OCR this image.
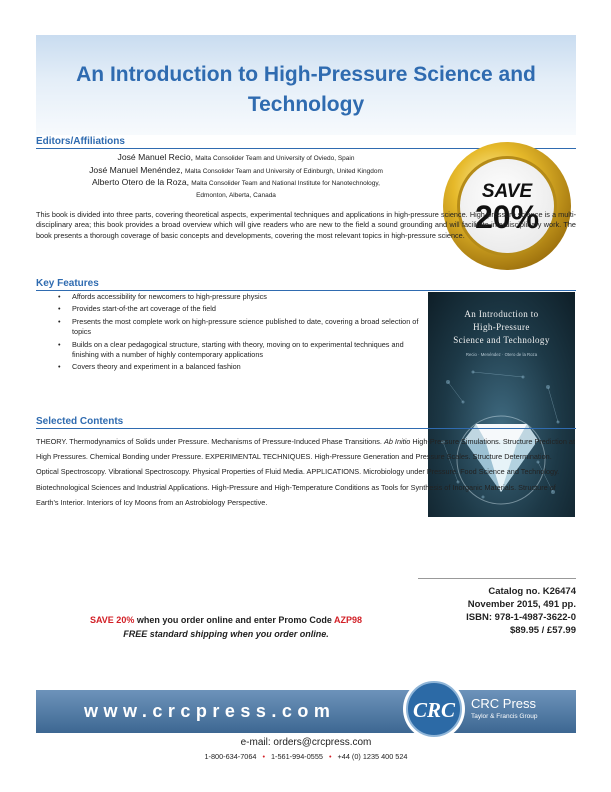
An Introduction to High-Pressure Science and Technology
Editors/Affiliations
José Manuel Recio, Malta Consolider Team and University of Oviedo, Spain
José Manuel Menéndez, Malta Consolider Team and University of Edinburgh, United Kingdom
Alberto Otero de la Roza, Malta Consolider Team and National Institute for Nanotechnology,
Edmonton, Alberta, Canada	SAVE
20%
This book is divided into three parts, covering theoretical aspects, experimental techniques and applications in high-pressure science. High-pressure science is a multi-disciplinary area; this book provides a broad overview which will give readers who are new to the field a sound grounding and will facilitate interdisciplinary work. The book presents a thorough coverage of basic concepts and developments, covering the most relevant topics in high-pressure science.
Key Features
• Affords accessibility for newcomers to high-pressure physics
• Provides start-of-the art coverage of the field
• Presents the most complete work on high-pressure science published to date, covering a broad selection of topics
• Builds on a clear pedagogical structure, starting with theory, moving on to experimental techniques and finishing with a number of highly contemporary applications
• Covers theory and experiment in a balanced fashion
An Introduction to
High-Pressure
Science and Technology
Recio · Menéndez · Otero de la Roza
Selected Contents
THEORY. Thermodynamics of Solids under Pressure. Mechanisms of Pressure-Induced Phase Transitions. Ab Initio High-Pressure Simulations. Structure Prediction at High Pressures. Chemical Bonding under Pressure. EXPERIMENTAL TECHNIQUES. High-Pressure Generation and Pressure Scales. Structure Determination. Optical Spectroscopy. Vibrational Spectroscopy. Physical Properties of Fluid Media. APPLICATIONS. Microbiology under Pressure. Food Science and Technology. Biotechnological Sciences and Industrial Applications. High-Pressure and High-Temperature Conditions as Tools for Synthesis of Inorganic Materials. Structure of Earth's Interior. Interiors of Icy Moons from an Astrobiology Perspective.
Catalog no. K26474
November 2015, 491 pp.
ISBN: 978-1-4987-3622-0
$89.95 / £57.99
SAVE 20% when you order online and enter Promo Code AZP98
FREE standard shipping when you order online.
www.crcpress.com	CRC CRC Press
Taylor & Francis Group
e-mail: orders@crcpress.com
1-800-634-7064 • 1-561-994-0555 • +44 (0) 1235 400 524
